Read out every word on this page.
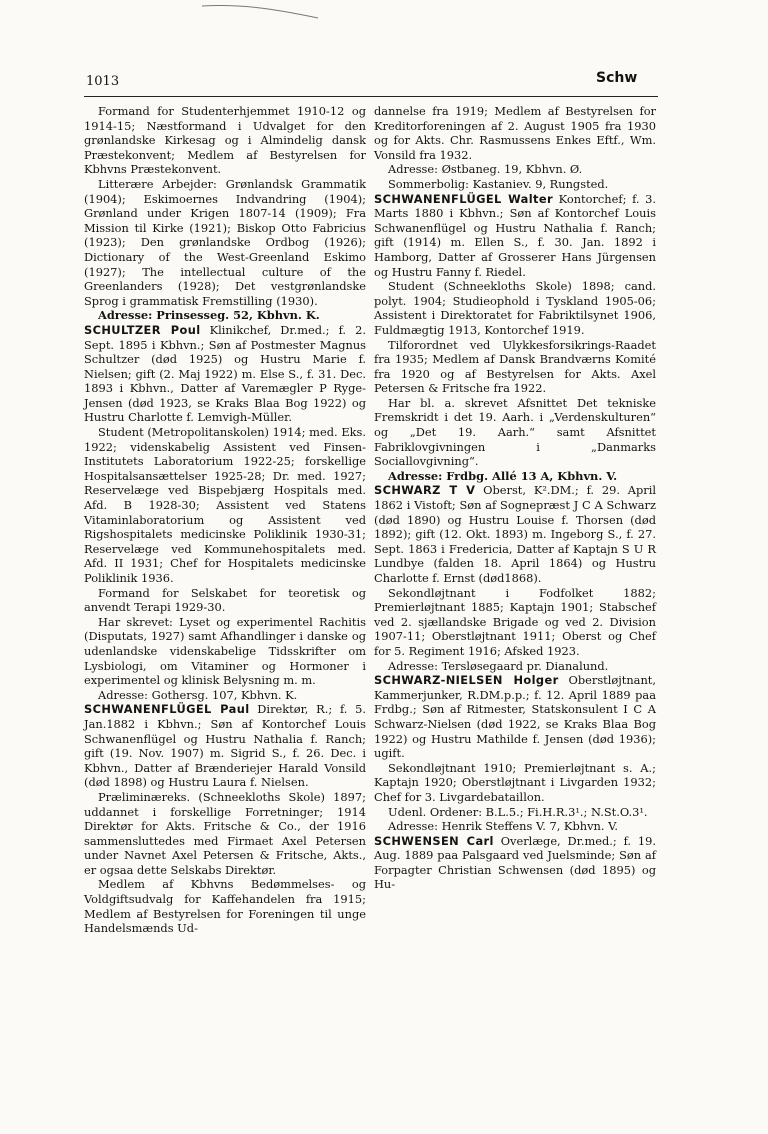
1013	Schw

Formand for Studenterhjemmet 1910-12 og 1914-15; Næstformand i Udvalget for den grønlandske Kirkesag og i Almindelig dansk Præstekonvent; Medlem af Bestyrelsen for Kbhvns Præstekonvent.

Litterære Arbejder: Grønlandsk Grammatik (1904); Eskimoernes Indvandring (1904); Grønland under Krigen 1807-14 (1909); Fra Mission til Kirke (1921); Biskop Otto Fabricius (1923); Den grønlandske Ordbog (1926); Dictionary of the West-Greenland Eskimo (1927); The intellectual culture of the Greenlanders (1928); Det vestgrønlandske Sprog i grammatisk Fremstilling (1930).

Adresse: Prinsesseg. 52, Kbhvn. K.

SCHULTZER Poul Klinikchef, Dr.med.; f. 2. Sept. 1895 i Kbhvn.; Søn af Postmester Magnus Schultzer (død 1925) og Hustru Marie f. Nielsen; gift (2. Maj 1922) m. Else S., f. 31. Dec. 1893 i Kbhvn., Datter af Varemægler P Ryge-Jensen (død 1923, se Kraks Blaa Bog 1922) og Hustru Charlotte f. Lemvigh-Müller.

Student (Metropolitanskolen) 1914; med. Eks. 1922; videnskabelig Assistent ved Finsen-Institutets Laboratorium 1922-25; forskellige Hospitalsansættelser 1925-28; Dr. med. 1927; Reservelæge ved Bispebjærg Hospitals med. Afd. B 1928-30; Assistent ved Statens Vitaminlaboratorium og Assistent ved Rigshospitalets medicinske Poliklinik 1930-31; Reservelæge ved Kommunehospitalets med. Afd. II 1931; Chef for Hospitalets medicinske Poliklinik 1936.

Formand for Selskabet for teoretisk og anvendt Terapi 1929-30.

Har skrevet: Lyset og experimentel Rachitis (Disputats, 1927) samt Afhandlinger i danske og udenlandske videnskabelige Tidsskrifter om Lysbiologi, om Vitaminer og Hormoner i experimentel og klinisk Belysning m. m.

Adresse: Gothersg. 107, Kbhvn. K.

SCHWANENFLÜGEL Paul Direktør, R.; f. 5. Jan.1882 i Kbhvn.; Søn af Kontorchef Louis Schwanenflügel og Hustru Nathalia f. Ranch; gift (19. Nov. 1907) m. Sigrid S., f. 26. Dec. i Kbhvn., Datter af Brænderiejer Harald Vonsild (død 1898) og Hustru Laura f. Nielsen.

Præliminæreks. (Schneekloths Skole) 1897; uddannet i forskellige Forretninger; 1914 Direktør for Akts. Fritsche & Co., der 1916 sammensluttedes med Firmaet Axel Petersen under Navnet Axel Petersen & Fritsche, Akts., er ogsaa dette Selskabs Direktør.

Medlem af Kbhvns Bedømmelses- og Voldgiftsudvalg for Kaffehandelen fra 1915; Medlem af Bestyrelsen for Foreningen til unge Handelsmænds Ud-

dannelse fra 1919; Medlem af Bestyrelsen for Kreditorforeningen af 2. August 1905 fra 1930 og for Akts. Chr. Rasmussens Enkes Eftf., Wm. Vonsild fra 1932.

Adresse: Østbaneg. 19, Kbhvn. Ø.

Sommerbolig: Kastaniev. 9, Rungsted.

SCHWANENFLÜGEL Walter Kontorchef; f. 3. Marts 1880 i Kbhvn.; Søn af Kontorchef Louis Schwanenflügel og Hustru Nathalia f. Ranch; gift (1914) m. Ellen S., f. 30. Jan. 1892 i Hamborg, Datter af Grosserer Hans Jürgensen og Hustru Fanny f. Riedel.

Student (Schneekloths Skole) 1898; cand. polyt. 1904; Studieophold i Tyskland 1905-06; Assistent i Direktoratet for Fabriktilsynet 1906, Fuldmægtig 1913, Kontorchef 1919.

Tilforordnet ved Ulykkesforsikrings-Raadet fra 1935; Medlem af Dansk Brandværns Komité fra 1920 og af Bestyrelsen for Akts. Axel Petersen & Fritsche fra 1922.

Har bl. a. skrevet Afsnittet Det tekniske Fremskridt i det 19. Aarh. i „Verdenskulturen“ og „Det 19. Aarh.“ samt Afsnittet Fabriklovgivningen i „Danmarks Sociallovgivning“.

Adresse: Frdbg. Allé 13 A, Kbhvn. V.

SCHWARZ T V Oberst, K².DM.; f. 29. April 1862 i Vistoft; Søn af Sognepræst J C A Schwarz (død 1890) og Hustru Louise f. Thorsen (død 1892); gift (12. Okt. 1893) m. Ingeborg S., f. 27. Sept. 1863 i Fredericia, Datter af Kaptajn S U R Lundbye (falden 18. April 1864) og Hustru Charlotte f. Ernst (død1868).

Sekondløjtnant i Fodfolket 1882; Premierløjtnant 1885; Kaptajn 1901; Stabschef ved 2. sjællandske Brigade og ved 2. Division 1907-11; Oberstløjtnant 1911; Oberst og Chef for 5. Regiment 1916; Afsked 1923.

Adresse: Tersløsegaard pr. Dianalund.

SCHWARZ-NIELSEN Holger Oberstløjtnant, Kammerjunker, R.DM.p.p.; f. 12. April 1889 paa Frdbg.; Søn af Ritmester, Statskonsulent I C A Schwarz-Nielsen (død 1922, se Kraks Blaa Bog 1922) og Hustru Mathilde f. Jensen (død 1936); ugift.

Sekondløjtnant 1910; Premierløjtnant s. A.; Kaptajn 1920; Oberstløjtnant i Livgarden 1932; Chef for 3. Livgardebataillon.

Udenl. Ordener: B.L.5.; Fi.H.R.3¹.; N.St.O.3¹.

Adresse: Henrik Steffens V. 7, Kbhvn. V.

SCHWENSEN Carl Overlæge, Dr.med.; f. 19. Aug. 1889 paa Palsgaard ved Juelsminde; Søn af Forpagter Christian Schwensen (død 1895) og Hu-
